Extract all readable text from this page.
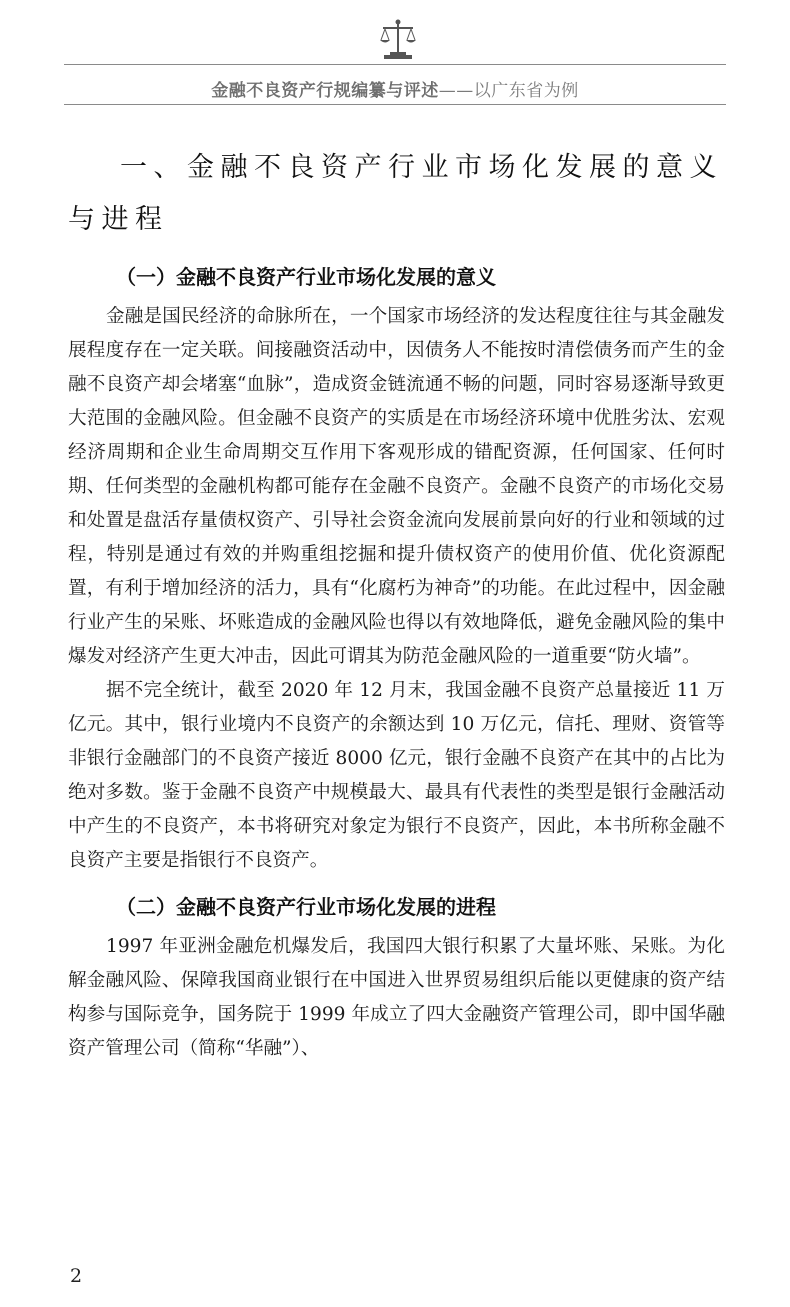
金融不良资产行规编纂与评述——以广东省为例
一、金融不良资产行业市场化发展的意义与进程
（一）金融不良资产行业市场化发展的意义

金融是国民经济的命脉所在，一个国家市场经济的发达程度往往与其金融发展程度存在一定关联。间接融资活动中，因债务人不能按时清偿债务而产生的金融不良资产却会堵塞“血脉”，造成资金链流通不畅的问题，同时容易逐渐导致更大范围的金融风险。但金融不良资产的实质是在市场经济环境中优胜劣汰、宏观经济周期和企业生命周期交互作用下客观形成的错配资源，任何国家、任何时期、任何类型的金融机构都可能存在金融不良资产。金融不良资产的市场化交易和处置是盘活存量债权资产、引导社会资金流向发展前景向好的行业和领域的过程，特别是通过有效的并购重组挖掘和提升债权资产的使用价值、优化资源配置，有利于增加经济的活力，具有“化腐朽为神奇”的功能。在此过程中，因金融行业产生的呆账、坏账造成的金融风险也得以有效地降低，避免金融风险的集中爆发对经济产生更大冲击，因此可谓其为防范金融风险的一道重要“防火墙”。

据不完全统计，截至 2020 年 12 月末，我国金融不良资产总量接近 11 万亿元。其中，银行业境内不良资产的余额达到 10 万亿元，信托、理财、资管等非银行金融部门的不良资产接近 8000 亿元，银行金融不良资产在其中的占比为绝对多数。鉴于金融不良资产中规模最大、最具有代表性的类型是银行金融活动中产生的不良资产，本书将研究对象定为银行不良资产，因此，本书所称金融不良资产主要是指银行不良资产。

（二）金融不良资产行业市场化发展的进程

1997 年亚洲金融危机爆发后，我国四大银行积累了大量坏账、呆账。为化解金融风险、保障我国商业银行在中国进入世界贸易组织后能以更健康的资产结构参与国际竞争，国务院于 1999 年成立了四大金融资产管理公司，即中国华融资产管理公司（简称“华融”）、

2
